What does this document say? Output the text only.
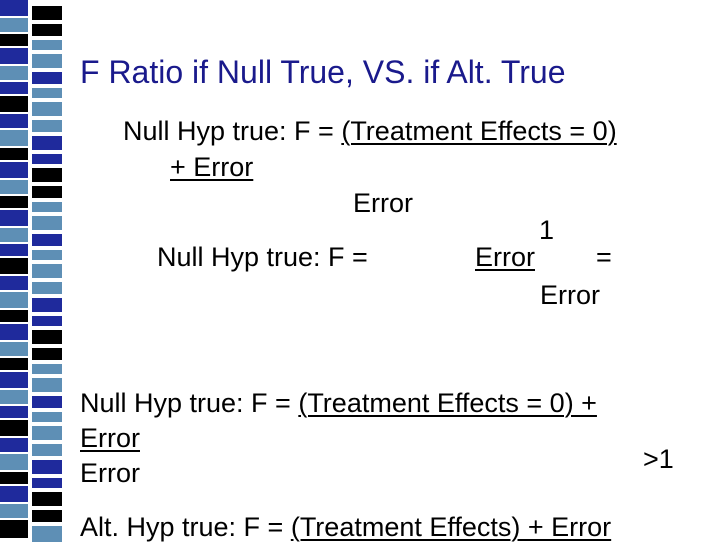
F Ratio if Null True, VS. if Alt. True
Null Hyp true: F = (Treatment Effects = 0)
+ Error
Error
Null Hyp true: F =
1
Error =
Error
Null Hyp true: F = (Treatment Effects = 0) +
Error
Error	>1
Alt. Hyp true: F = (Treatment Effects) + Error
